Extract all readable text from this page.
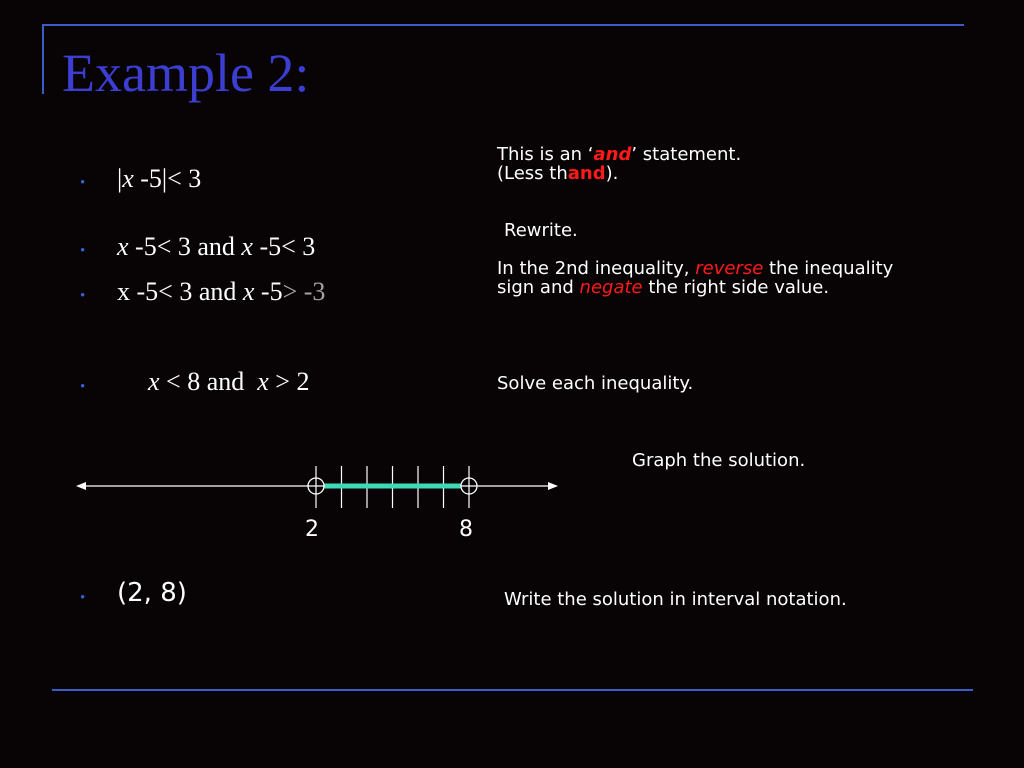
Example 2:
• |x -5|< 3
• x -5< 3 and x -5< 3
• x -5< 3 and x -5> -3
• x < 8 and  x > 2
• (2, 8)
This is an ‘and’ statement.
(Less thand).
Rewrite.
In the 2nd inequality, reverse the inequality
sign and negate the right side value.
Solve each inequality.
Graph the solution.
Write the solution in interval notation.
2	8
